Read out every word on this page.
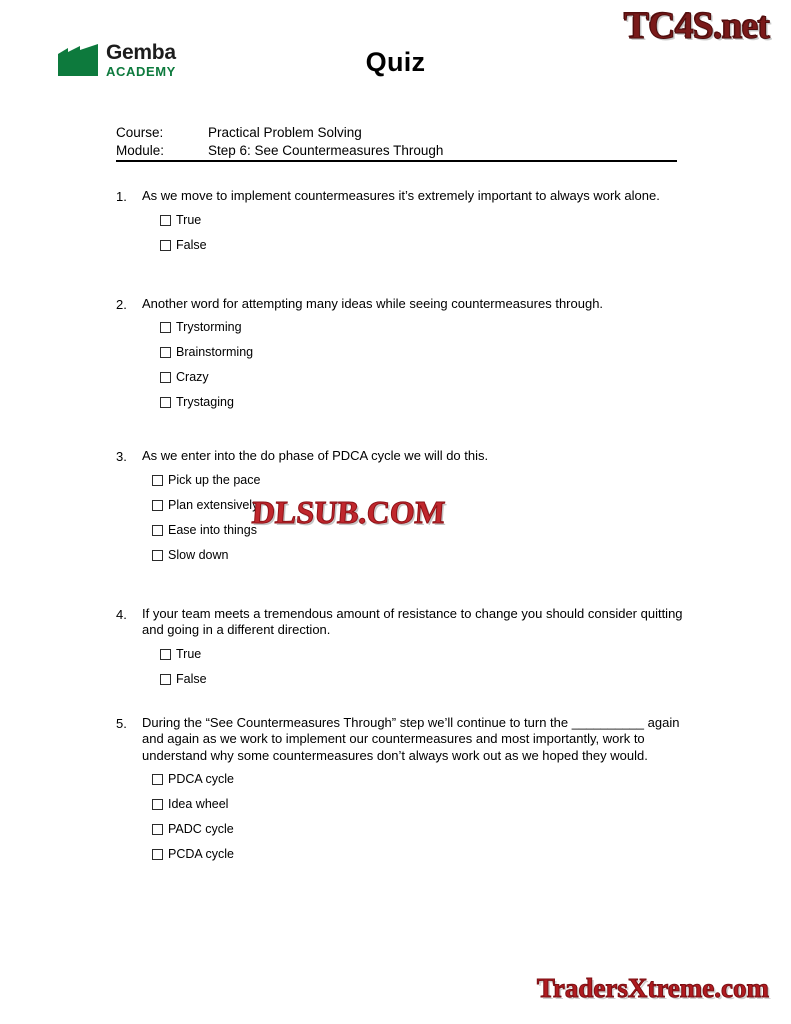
TC4S.net
Gemba
ACADEMY	Quiz
Course:	Practical Problem Solving
Module:	Step 6: See Countermeasures Through
1.	As we move to implement countermeasures it’s extremely important to always work alone.

True
False
2.	Another word for attempting many ideas while seeing countermeasures through.

Trystorming
Brainstorming
Crazy
Trystaging
3.	As we enter into the do phase of PDCA cycle we will do this.

Pick up the pace
Plan extensively
Ease into things
Slow down
4.	If your team meets a tremendous amount of resistance to change you should consider quitting and going in a different direction.

True
False
5.	During the “See Countermeasures Through” step we’ll continue to turn the __________ again and again as we work to implement our countermeasures and most importantly, work to understand why some countermeasures don’t always work out as we hoped they would.

PDCA cycle
Idea wheel
PADC cycle
PCDA cycle
DLSUB.COM
TradersXtreme.com
